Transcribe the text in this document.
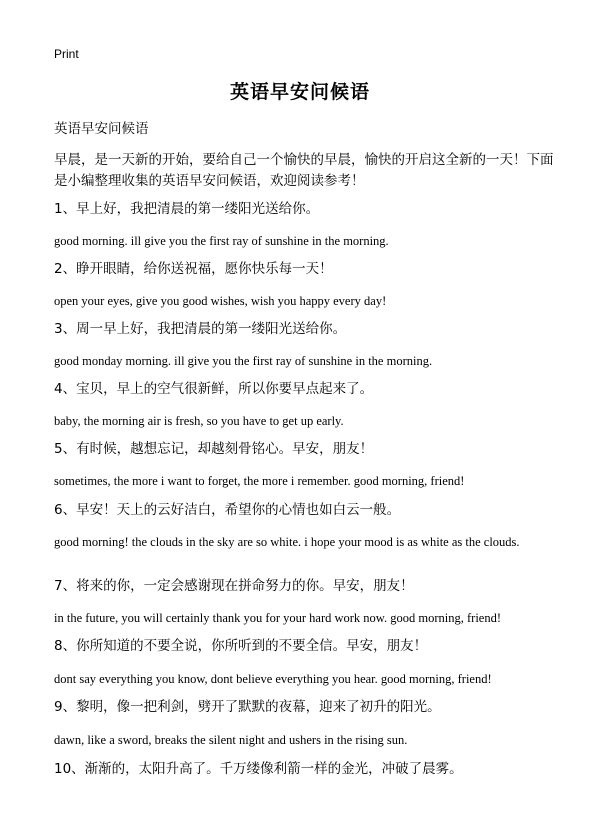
Print
英语早安问候语
英语早安问候语

早晨，是一天新的开始，要给自己一个愉快的早晨，愉快的开启这全新的一天！下面是小编整理收集的英语早安问候语，欢迎阅读参考！

1、早上好，我把清晨的第一缕阳光送给你。
good morning. ill give you the first ray of sunshine in the morning.
2、睁开眼睛，给你送祝福，愿你快乐每一天！
open your eyes, give you good wishes, wish you happy every day!
3、周一早上好，我把清晨的第一缕阳光送给你。
good monday morning. ill give you the first ray of sunshine in the morning.
4、宝贝，早上的空气很新鲜，所以你要早点起来了。
baby, the morning air is fresh, so you have to get up early.
5、有时候，越想忘记，却越刻骨铭心。早安，朋友！
sometimes, the more i want to forget, the more i remember. good morning, friend!
6、早安！天上的云好洁白，希望你的心情也如白云一般。
good morning! the clouds in the sky are so white. i hope your mood is as white as the clouds.
7、将来的你，一定会感谢现在拼命努力的你。早安，朋友！
in the future, you will certainly thank you for your hard work now. good morning, friend!
8、你所知道的不要全说，你所听到的不要全信。早安，朋友！
dont say everything you know, dont believe everything you hear. good morning, friend!
9、黎明，像一把利剑，劈开了默默的夜幕，迎来了初升的阳光。
dawn, like a sword, breaks the silent night and ushers in the rising sun.
10、渐渐的，太阳升高了。千万缕像利箭一样的金光，冲破了晨雾。
